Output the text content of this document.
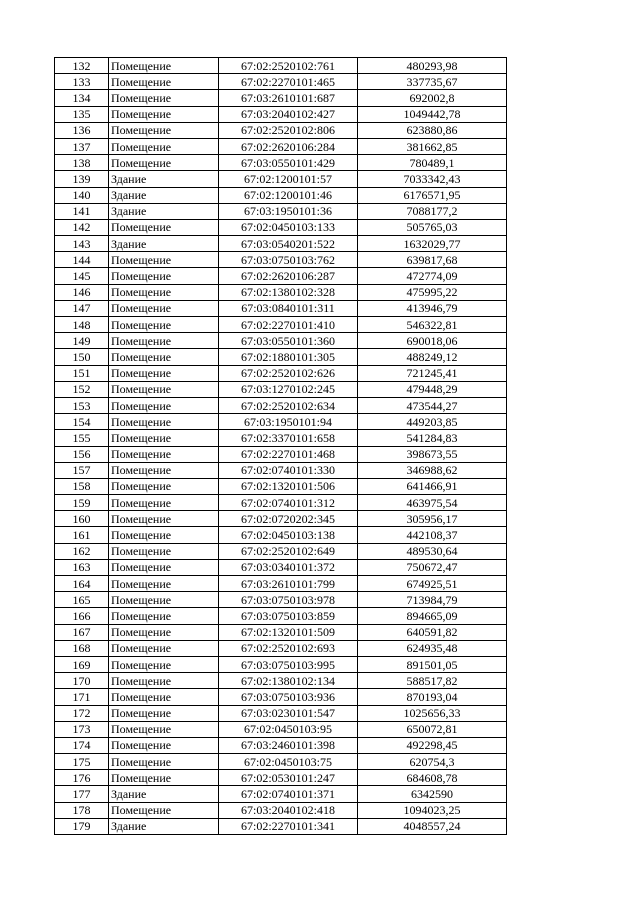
132	Помещение	67:02:2520102:761	480293,98
133	Помещение	67:02:2270101:465	337735,67
134	Помещение	67:03:2610101:687	692002,8
135	Помещение	67:03:2040102:427	1049442,78
136	Помещение	67:02:2520102:806	623880,86
137	Помещение	67:02:2620106:284	381662,85
138	Помещение	67:03:0550101:429	780489,1
139	Здание	67:02:1200101:57	7033342,43
140	Здание	67:02:1200101:46	6176571,95
141	Здание	67:03:1950101:36	7088177,2
142	Помещение	67:02:0450103:133	505765,03
143	Здание	67:03:0540201:522	1632029,77
144	Помещение	67:03:0750103:762	639817,68
145	Помещение	67:02:2620106:287	472774,09
146	Помещение	67:02:1380102:328	475995,22
147	Помещение	67:03:0840101:311	413946,79
148	Помещение	67:02:2270101:410	546322,81
149	Помещение	67:03:0550101:360	690018,06
150	Помещение	67:02:1880101:305	488249,12
151	Помещение	67:02:2520102:626	721245,41
152	Помещение	67:03:1270102:245	479448,29
153	Помещение	67:02:2520102:634	473544,27
154	Помещение	67:03:1950101:94	449203,85
155	Помещение	67:02:3370101:658	541284,83
156	Помещение	67:02:2270101:468	398673,55
157	Помещение	67:02:0740101:330	346988,62
158	Помещение	67:02:1320101:506	641466,91
159	Помещение	67:02:0740101:312	463975,54
160	Помещение	67:02:0720202:345	305956,17
161	Помещение	67:02:0450103:138	442108,37
162	Помещение	67:02:2520102:649	489530,64
163	Помещение	67:03:0340101:372	750672,47
164	Помещение	67:03:2610101:799	674925,51
165	Помещение	67:03:0750103:978	713984,79
166	Помещение	67:03:0750103:859	894665,09
167	Помещение	67:02:1320101:509	640591,82
168	Помещение	67:02:2520102:693	624935,48
169	Помещение	67:03:0750103:995	891501,05
170	Помещение	67:02:1380102:134	588517,82
171	Помещение	67:03:0750103:936	870193,04
172	Помещение	67:03:0230101:547	1025656,33
173	Помещение	67:02:0450103:95	650072,81
174	Помещение	67:03:2460101:398	492298,45
175	Помещение	67:02:0450103:75	620754,3
176	Помещение	67:02:0530101:247	684608,78
177	Здание	67:02:0740101:371	6342590
178	Помещение	67:03:2040102:418	1094023,25
179	Здание	67:02:2270101:341	4048557,24
